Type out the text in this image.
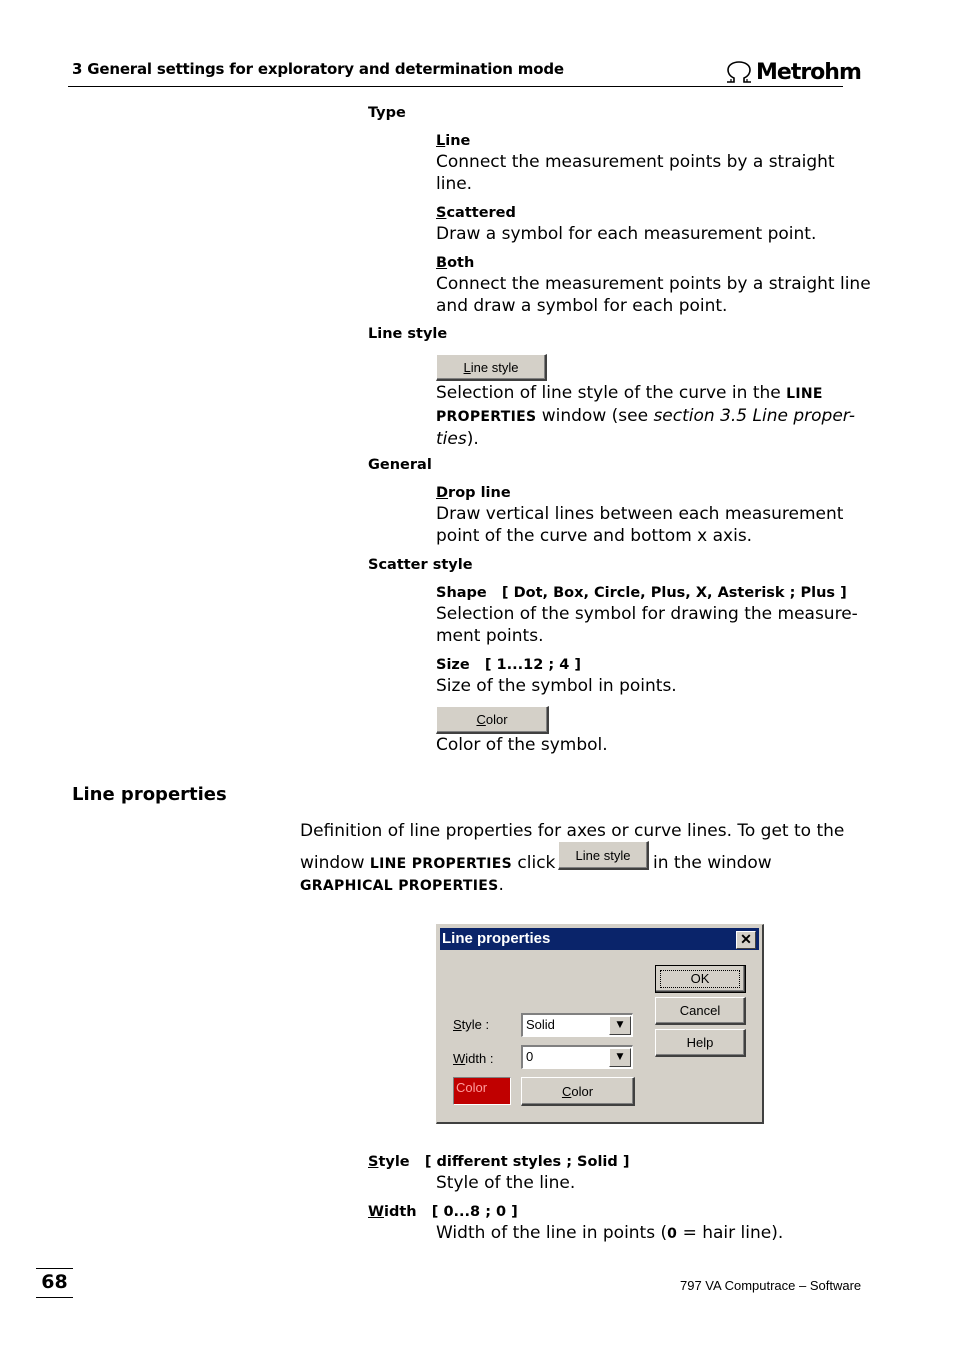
3 General settings for exploratory and determination mode	Metrohm
Type
Line
Connect the measurement points by a straight
line.
Scattered
Draw a symbol for each measurement point.
Both
Connect the measurement points by a straight line
and draw a symbol for each point.
Line style
L ine style
Selection of line style of the curve in the LINE
PROPERTIES window (see section 3.5 Line proper-
ties).
General
Drop line
Draw vertical lines between each measurement
point of the curve and bottom x axis.
Scatter style
Shape [ Dot, Box, Circle, Plus, X, Asterisk ; Plus ]
Selection of the symbol for drawing the measure-
ment points.
Size [ 1...12 ; 4 ]
Size of the symbol in points.
C olor
Color of the symbol.
Line properties
Definition of line properties for axes or curve lines. To get to the
window LINE PROPERTIES click	Line style	in the window
GRAPHICAL PROPERTIES.
Line properties	✕
OK
Cancel
Help
Style :	Solid	▼
Width :	0	▼
Color	C olor
Style [ different styles ; Solid ]
Style of the line.
Width [ 0...8 ; 0 ]
Width of the line in points (0 = hair line).
68	797 VA Computrace – Software
